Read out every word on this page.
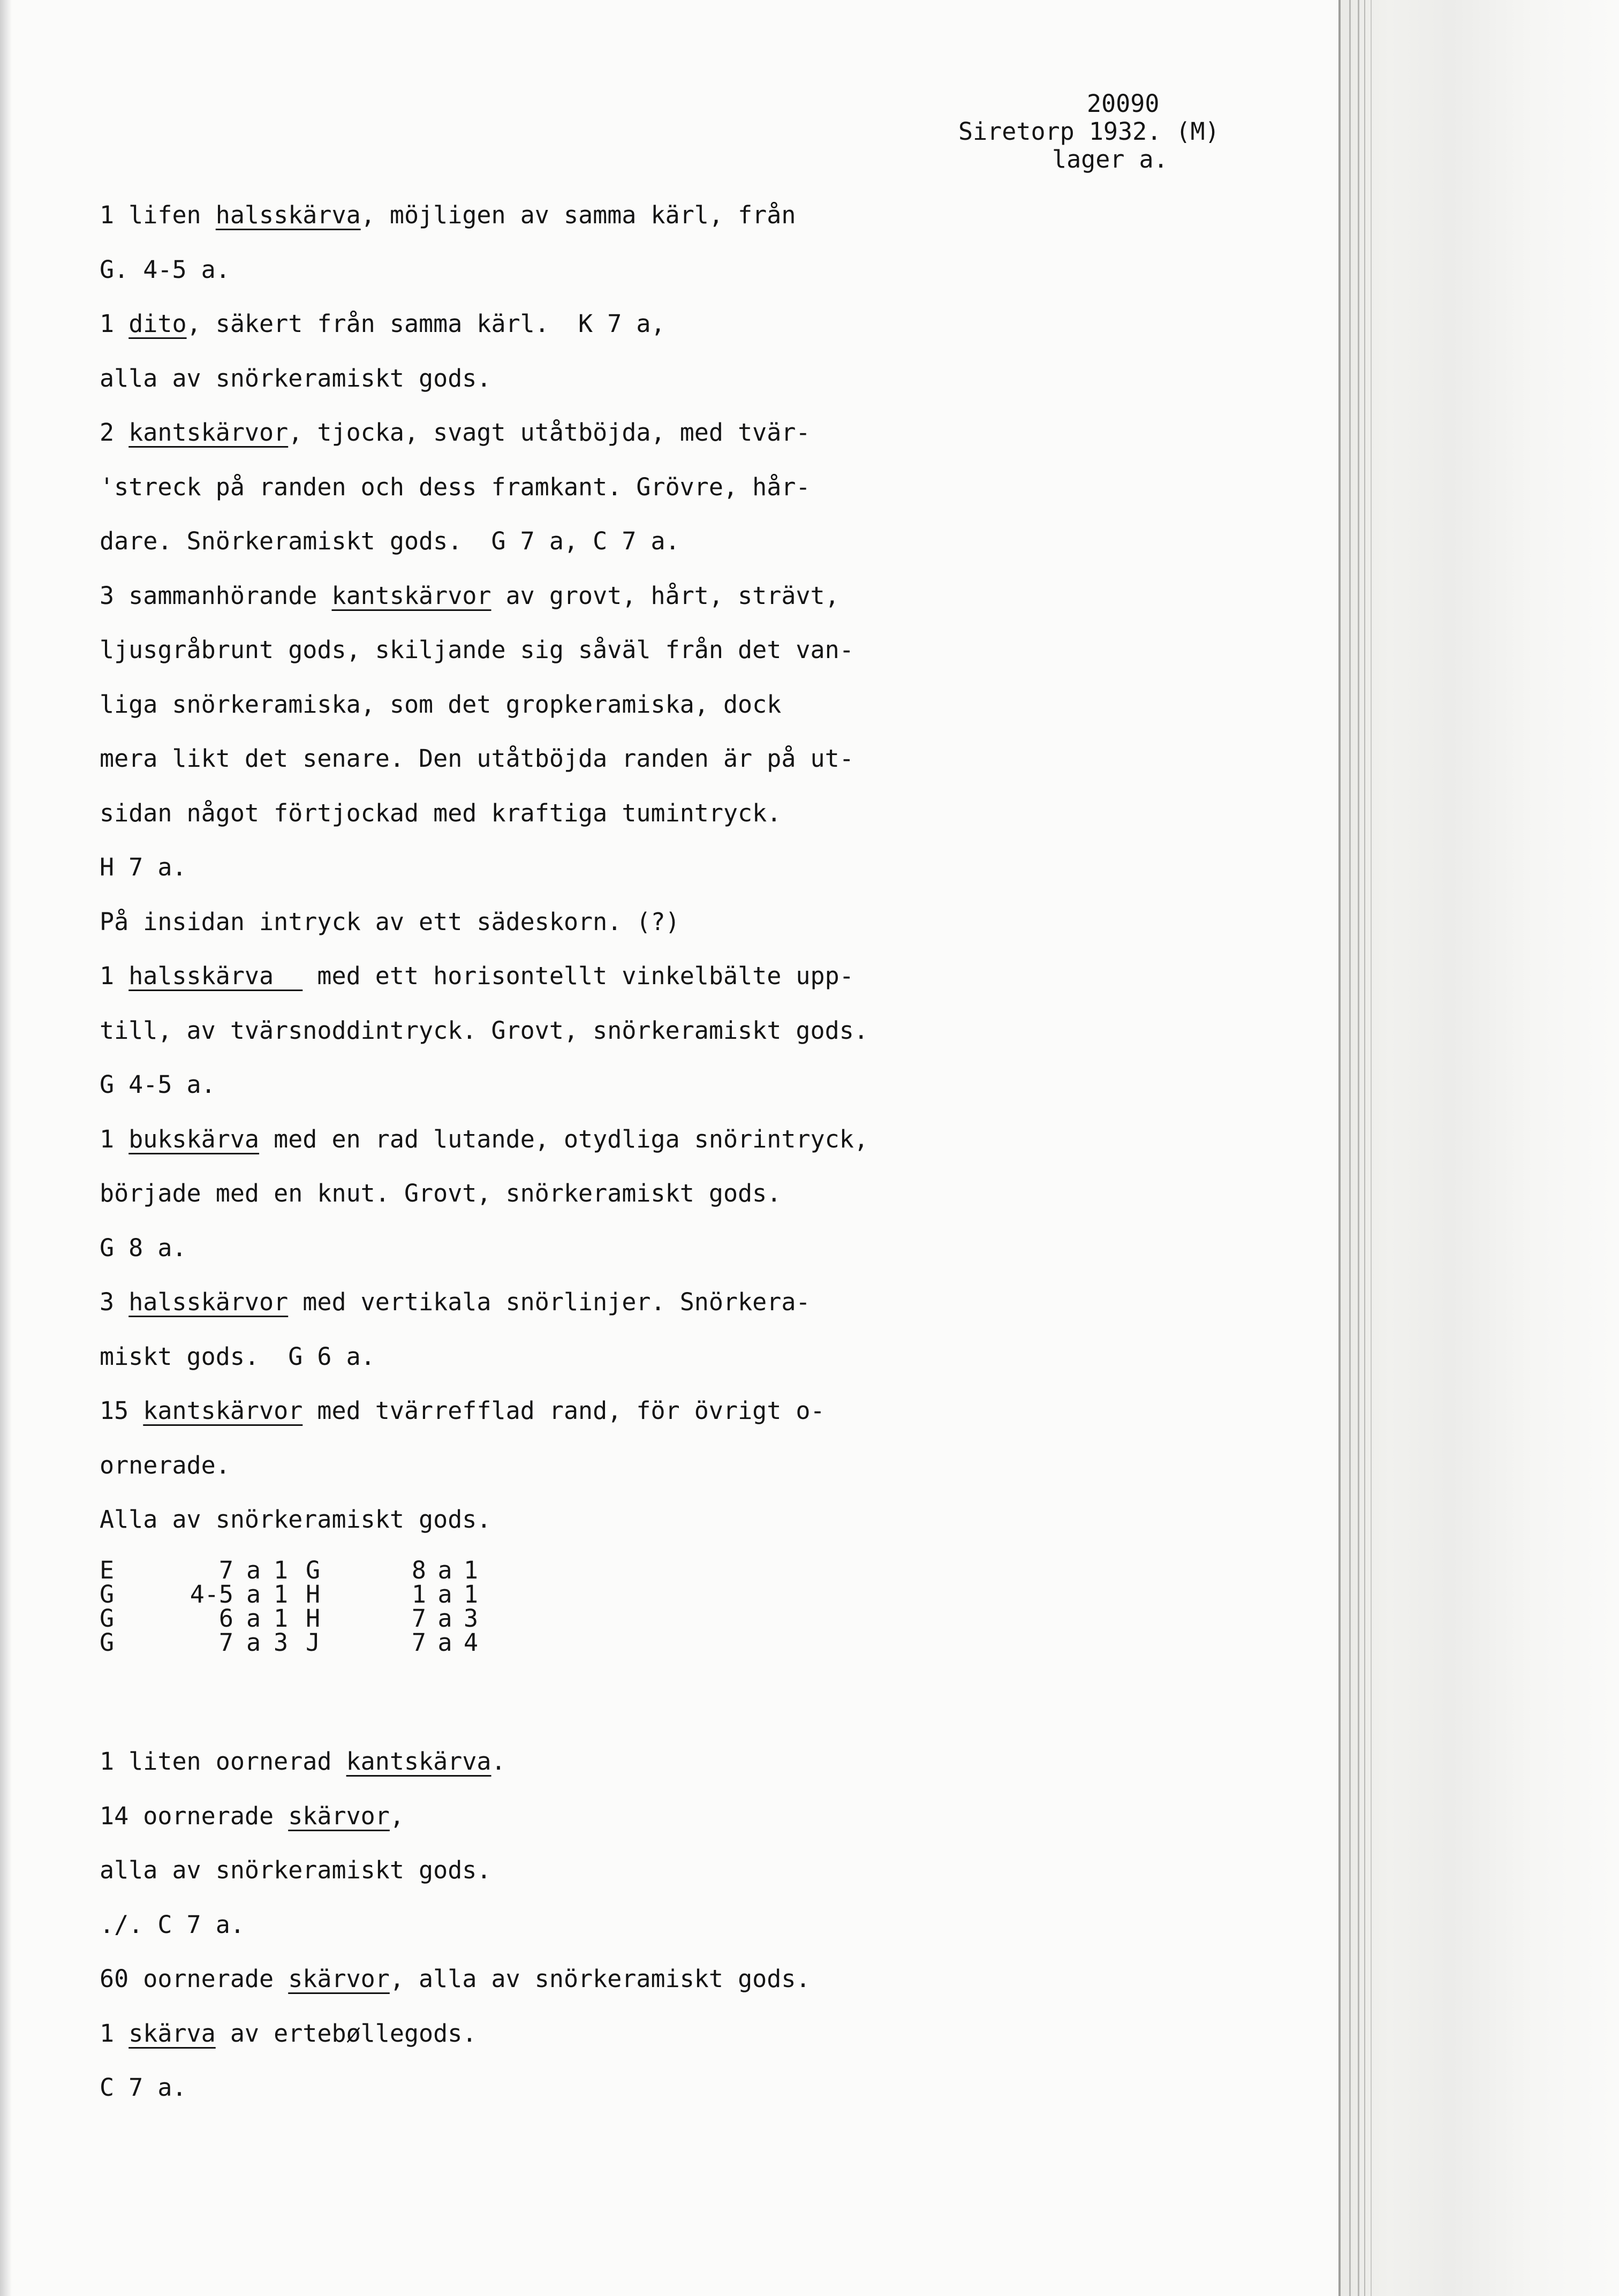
20090

Siretorp 1932. (M)

lager a.

1 lifen halsskärva, möjligen av samma kärl, från
G. 4-5 a.
1 dito, säkert från samma kärl.  K 7 a,
alla av snörkeramiskt gods.
2 kantskärvor, tjocka, svagt utåtböjda, med tvär-
'streck på randen och dess framkant. Grövre, hår-
dare. Snörkeramiskt gods.  G 7 a, C 7 a.
3 sammanhörande kantskärvor av grovt, hårt, strävt,
ljusgråbrunt gods, skiljande sig såväl från det van-
liga snörkeramiska, som det gropkeramiska, dock
mera likt det senare. Den utåtböjda randen är på ut-
sidan något förtjockad med kraftiga tumintryck.
H 7 a.
På insidan intryck av ett sädeskorn. (?)
1 halsskärva   med ett horisontellt vinkelbälte upp-
till, av tvärsnoddintryck. Grovt, snörkeramiskt gods.
G 4-5 a.
1 bukskärva med en rad lutande, otydliga snörintryck,
började med en knut. Grovt, snörkeramiskt gods.
G 8 a.
3 halsskärvor med vertikala snörlinjer. Snörkera-
miskt gods.  G 6 a.
15 kantskärvor med tvärrefflad rand, för övrigt o-
ornerade.
Alla av snörkeramiskt gods.
E	7 a 1 G	8 a 1
G	4-5 a 1 H	1 a 1
G	6 a 1 H	7 a 3
G	7 a 3 J	7 a 4
1 liten oornerad kantskärva.
14 oornerade skärvor,
alla av snörkeramiskt gods.
./. C 7 a.
60 oornerade skärvor, alla av snörkeramiskt gods.
1 skärva av ertebøllegods.
C 7 a.
